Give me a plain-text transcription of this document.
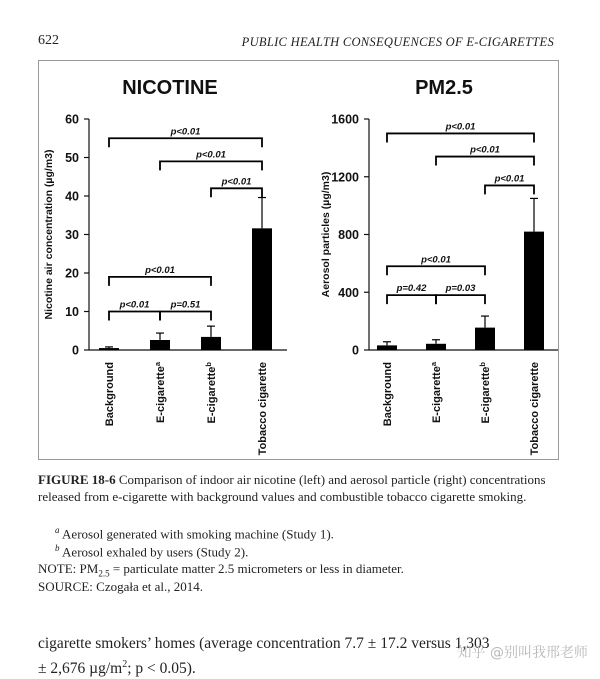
622	PUBLIC HEALTH CONSEQUENCES OF E-CIGARETTES
NICOTINE
Nicotine air concentration (µg/m3)
0
10
20
30
40
50
60
Background	E-cigarette$^a$
E-cigarette$^b$	Tobacco cigarette
p<0.01
p<0.01
p<0.01
p<0.01
p<0.01 p=0.51
PM2.5
Aerosol particles (µg/m3)
0
400
800
1200
1600
Background	E-cigarette$^a$
E-cigarette$^b$	Tobacco cigarette
p<0.01
p<0.01
p<0.01
p<0.01
p=0.42 p=0.03
FIGURE 18-6 Comparison of indoor air nicotine (left) and aerosol particle (right) concentrations released from e-cigarette with background values and combustible tobacco cigarette smoking.
$^a$ Aerosol generated with smoking machine (Study 1).
$^b$ Aerosol exhaled by users (Study 2).
NOTE: $PM_{2.5}$ = particulate matter 2.5 micrometers or less in diameter.
SOURCE: Czogała et al., 2014.
cigarette smokers’ homes (average concentration 7.7 ± 17.2 versus 1,303
± 2,676 $\mu g/m^2$; p < 0.05).
知乎 @别叫我邢老师
